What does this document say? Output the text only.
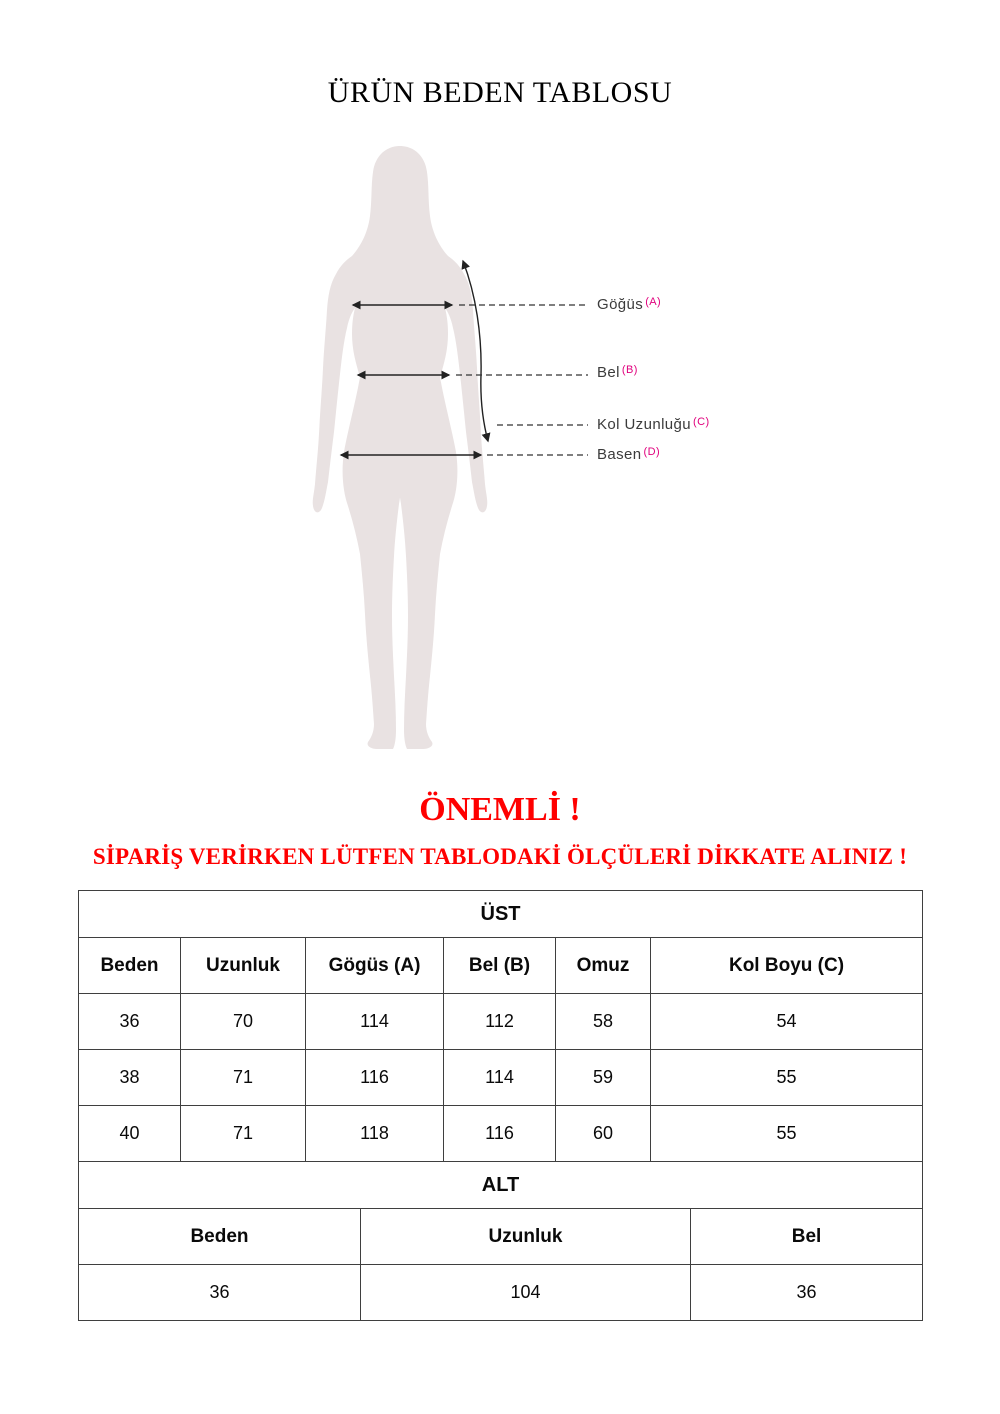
ÜRÜN BEDEN TABLOSU
Göğüs $^{(A)}$
Bel $^{(B)}$
Kol Uzunluğu $^{(C)}$
Basen $^{(D)}$
ÖNEMLİ !
SİPARİŞ VERİRKEN LÜTFEN TABLODAKİ ÖLÇÜLERİ DİKKATE ALINIZ !
ÜST					
Beden	Uzunluk	Gögüs (A)	Bel (B)	Omuz	Kol Boyu (C)
36	70	114	112	58	54
38	71	116	114	59	55
40	71	118	116	60	55
ALT		
Beden	Uzunluk	Bel
36	104	36
